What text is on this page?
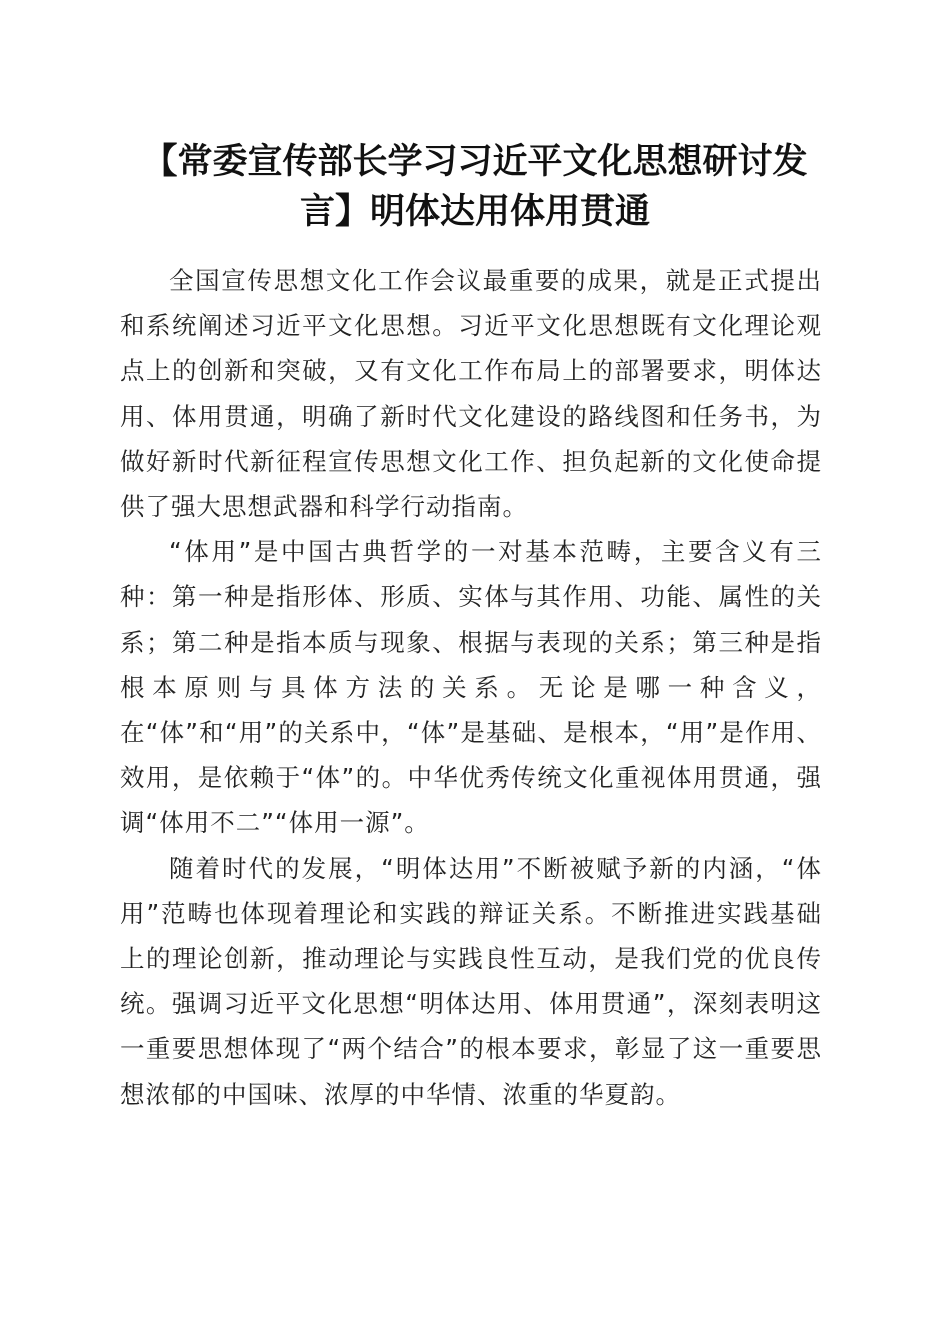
【常委宣传部长学习习近平文化思想研讨发
言】明体达用体用贯通

全国宣传思想文化工作会议最重要的成果，就是正式提出和系统阐述习近平文化思想。习近平文化思想既有文化理论观点上的创新和突破，又有文化工作布局上的部署要求，明体达用、体用贯通，明确了新时代文化建设的路线图和任务书，为做好新时代新征程宣传思想文化工作、担负起新的文化使命提供了强大思想武器和科学行动指南。

“体用”是中国古典哲学的一对基本范畴，主要含义有三种：第一种是指形体、形质、实体与其作用、功能、属性的关系；第二种是指本质与现象、根据与表现的关系；第三种是指根本原则与具体方法的关系。无论是哪一种含义，在“体”和“用”的关系中，“体”是基础、是根本，“用”是作用、效用，是依赖于“体”的。中华优秀传统文化重视体用贯通，强调“体用不二”“体用一源”。

随着时代的发展，“明体达用”不断被赋予新的内涵，“体用”范畴也体现着理论和实践的辩证关系。不断推进实践基础上的理论创新，推动理论与实践良性互动，是我们党的优良传统。强调习近平文化思想“明体达用、体用贯通”，深刻表明这一重要思想体现了“两个结合”的根本要求，彰显了这一重要思想浓郁的中国味、浓厚的中华情、浓重的华夏韵。
